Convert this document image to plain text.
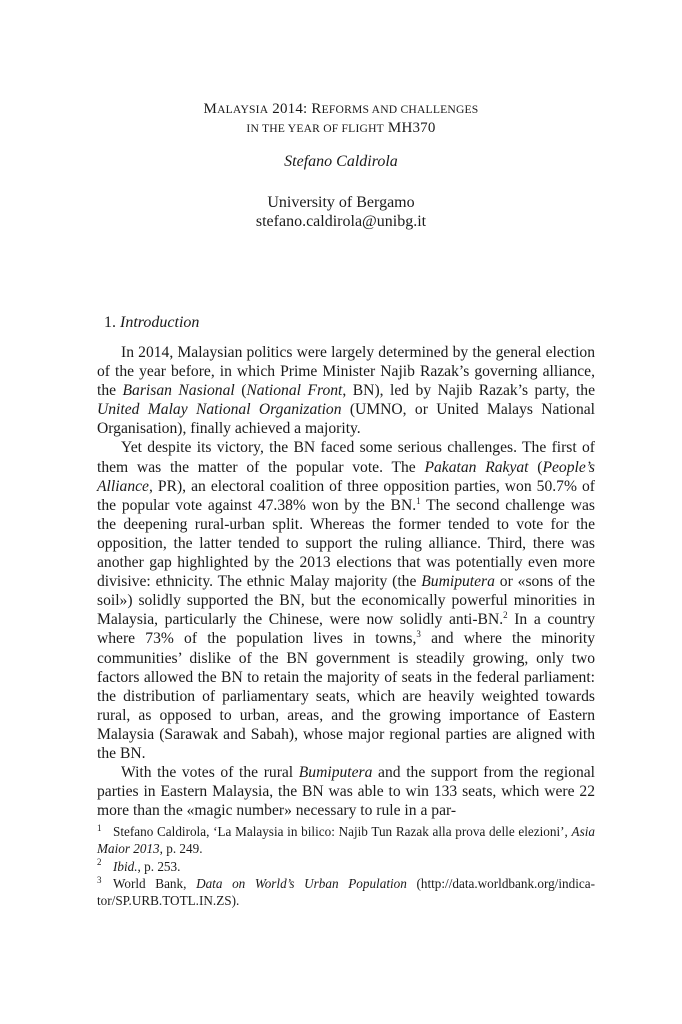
MALAYSIA 2014: REFORMS AND CHALLENGES
IN THE YEAR OF FLIGHT MH370
Stefano Caldirola
University of Bergamo
stefano.caldirola@unibg.it
1. Introduction

In 2014, Malaysian politics were largely determined by the general election of the year before, in which Prime Minister Najib Razak’s governing alliance, the Barisan Nasional (National Front, BN), led by Najib Razak’s party, the United Malay National Organization (UMNO, or United Malays National Organisation), finally achieved a majority.

Yet despite its victory, the BN faced some serious challenges. The first of them was the matter of the popular vote. The Pakatan Rakyat (People’s Alliance, PR), an electoral coalition of three opposition parties, won 50.7% of the popular vote against 47.38% won by the BN.$^1$ The second challenge was the deepening rural-urban split. Whereas the former tended to vote for the opposition, the latter tended to support the ruling alliance. Third, there was another gap highlighted by the 2013 elections that was potentially even more divisive: ethnicity. The ethnic Malay majority (the Bumiputera or «sons of the soil») solidly supported the BN, but the economically powerful minorities in Malaysia, particularly the Chinese, were now solidly anti-BN.$^2$ In a country where 73% of the population lives in towns,$^3$ and where the minority communities’ dislike of the BN government is steadily growing, only two factors allowed the BN to retain the majority of seats in the federal parliament: the distribution of parliamentary seats, which are heavily weighted towards rural, as opposed to urban, areas, and the growing importance of Eastern Malaysia (Sarawak and Sabah), whose major regional parties are aligned with the BN.

With the votes of the rural Bumiputera and the support from the regional parties in Eastern Malaysia, the BN was able to win 133 seats, which were 22 more than the «magic number» necessary to rule in a par-

1 Stefano Caldirola, ‘La Malaysia in bilico: Najib Tun Razak alla prova delle elezioni’, Asia Maior 2013, p. 249.

2 Ibid., p. 253.

3 World Bank, Data on World’s Urban Population (http://data.worldbank.org/indicator/SP.URB.TOTL.IN.ZS).
